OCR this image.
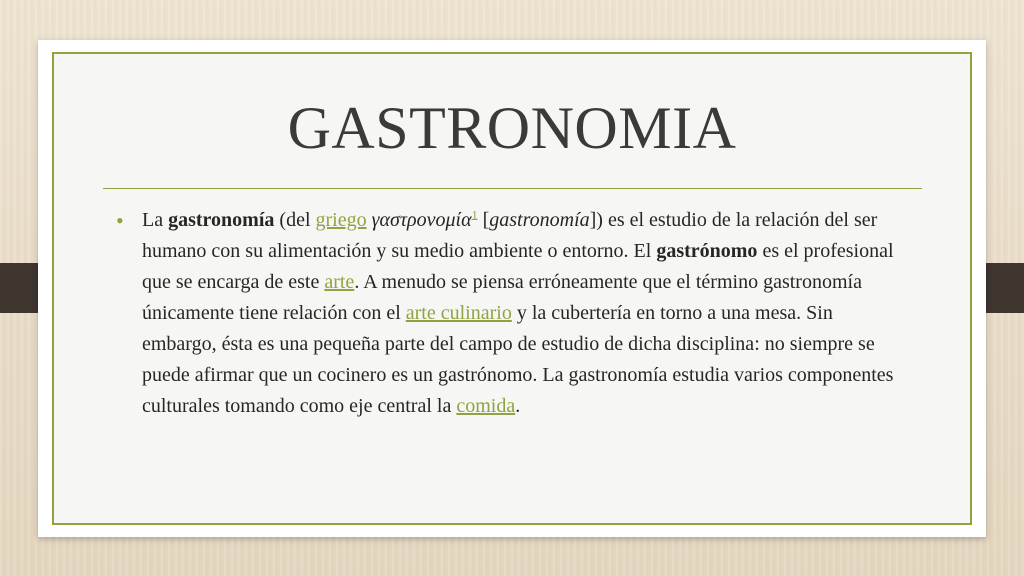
GASTRONOMIA
• La gastronomía (del griego γαστρονομία$^1$ [gastronomía]) es el estudio de la relación del ser humano con su alimentación y su medio ambiente o entorno. El gastrónomo es el profesional que se encarga de este arte. A menudo se piensa erróneamente que el término gastronomía únicamente tiene relación con el arte culinario y la cubertería en torno a una mesa. Sin embargo, ésta es una pequeña parte del campo de estudio de dicha disciplina: no siempre se puede afirmar que un cocinero es un gastrónomo. La gastronomía estudia varios componentes culturales tomando como eje central la comida.
